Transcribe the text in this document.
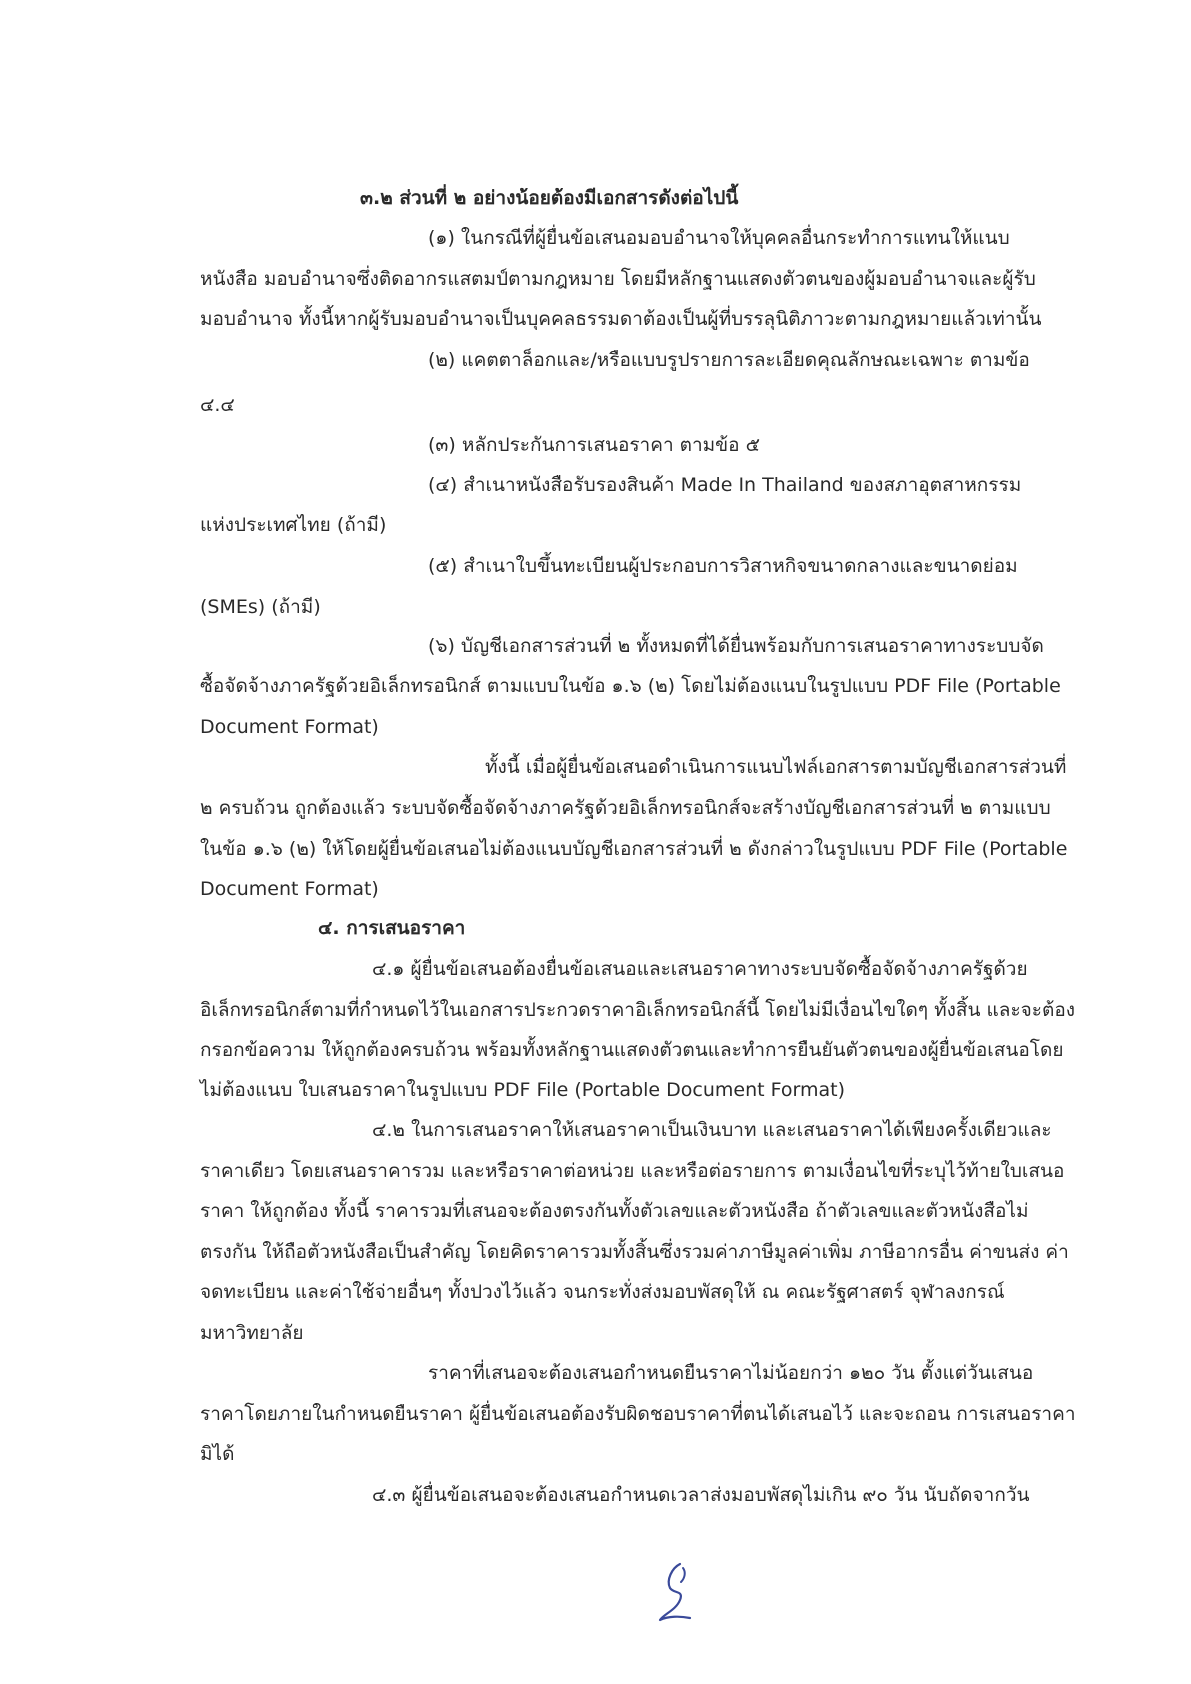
๓.๒ ส่วนที่ ๒ อย่างน้อยต้องมีเอกสารดังต่อไปนี้
(๑) ในกรณีที่ผู้ยื่นข้อเสนอมอบอำนาจให้บุคคลอื่นกระทำการแทนให้แนบ
หนังสือ มอบอำนาจซึ่งติดอากรแสตมป์ตามกฎหมาย โดยมีหลักฐานแสดงตัวตนของผู้มอบอำนาจและผู้รับ
มอบอำนาจ ทั้งนี้หากผู้รับมอบอำนาจเป็นบุคคลธรรมดาต้องเป็นผู้ที่บรรลุนิติภาวะตามกฎหมายแล้วเท่านั้น
(๒) แคตตาล็อกและ/หรือแบบรูปรายการละเอียดคุณลักษณะเฉพาะ ตามข้อ
๔.๔
(๓) หลักประกันการเสนอราคา ตามข้อ ๕
(๔) สำเนาหนังสือรับรองสินค้า Made In Thailand ของสภาอุตสาหกรรม
แห่งประเทศไทย (ถ้ามี)
(๕) สำเนาใบขึ้นทะเบียนผู้ประกอบการวิสาหกิจขนาดกลางและขนาดย่อม
(SMEs) (ถ้ามี)
(๖) บัญชีเอกสารส่วนที่ ๒ ทั้งหมดที่ได้ยื่นพร้อมกับการเสนอราคาทางระบบจัด
ซื้อจัดจ้างภาครัฐด้วยอิเล็กทรอนิกส์ ตามแบบในข้อ ๑.๖ (๒) โดยไม่ต้องแนบในรูปแบบ PDF File (Portable
Document Format)
ทั้งนี้ เมื่อผู้ยื่นข้อเสนอดำเนินการแนบไฟล์เอกสารตามบัญชีเอกสารส่วนที่
๒ ครบถ้วน ถูกต้องแล้ว ระบบจัดซื้อจัดจ้างภาครัฐด้วยอิเล็กทรอนิกส์จะสร้างบัญชีเอกสารส่วนที่ ๒ ตามแบบ
ในข้อ ๑.๖ (๒) ให้โดยผู้ยื่นข้อเสนอไม่ต้องแนบบัญชีเอกสารส่วนที่ ๒ ดังกล่าวในรูปแบบ PDF File (Portable
Document Format)
๔. การเสนอราคา
๔.๑ ผู้ยื่นข้อเสนอต้องยื่นข้อเสนอและเสนอราคาทางระบบจัดซื้อจัดจ้างภาครัฐด้วย
อิเล็กทรอนิกส์ตามที่กำหนดไว้ในเอกสารประกวดราคาอิเล็กทรอนิกส์นี้ โดยไม่มีเงื่อนไขใดๆ ทั้งสิ้น และจะต้อง
กรอกข้อความ ให้ถูกต้องครบถ้วน พร้อมทั้งหลักฐานแสดงตัวตนและทำการยืนยันตัวตนของผู้ยื่นข้อเสนอโดย
ไม่ต้องแนบ ใบเสนอราคาในรูปแบบ PDF File (Portable Document Format)
๔.๒ ในการเสนอราคาให้เสนอราคาเป็นเงินบาท และเสนอราคาได้เพียงครั้งเดียวและ
ราคาเดียว โดยเสนอราคารวม และหรือราคาต่อหน่วย และหรือต่อรายการ ตามเงื่อนไขที่ระบุไว้ท้ายใบเสนอ
ราคา ให้ถูกต้อง ทั้งนี้ ราคารวมที่เสนอจะต้องตรงกันทั้งตัวเลขและตัวหนังสือ ถ้าตัวเลขและตัวหนังสือไม่
ตรงกัน ให้ถือตัวหนังสือเป็นสำคัญ โดยคิดราคารวมทั้งสิ้นซึ่งรวมค่าภาษีมูลค่าเพิ่ม ภาษีอากรอื่น ค่าขนส่ง ค่า
จดทะเบียน และค่าใช้จ่ายอื่นๆ ทั้งปวงไว้แล้ว จนกระทั่งส่งมอบพัสดุให้ ณ คณะรัฐศาสตร์ จุฬาลงกรณ์
มหาวิทยาลัย
ราคาที่เสนอจะต้องเสนอกำหนดยืนราคาไม่น้อยกว่า ๑๒๐ วัน ตั้งแต่วันเสนอ
ราคาโดยภายในกำหนดยืนราคา ผู้ยื่นข้อเสนอต้องรับผิดชอบราคาที่ตนได้เสนอไว้ และจะถอน การเสนอราคา
มิได้
๔.๓ ผู้ยื่นข้อเสนอจะต้องเสนอกำหนดเวลาส่งมอบพัสดุไม่เกิน ๙๐ วัน นับถัดจากวัน
